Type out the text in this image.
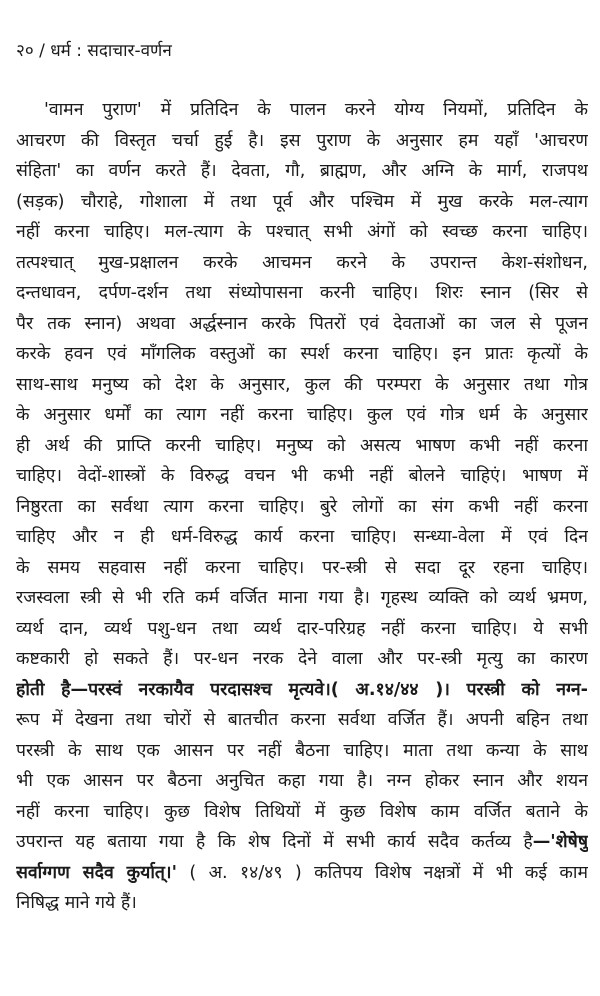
२० / धर्म : सदाचार-वर्णन
'वामन पुराण' में प्रतिदिन के पालन करने योग्य नियमों, प्रतिदिन के
आचरण की विस्तृत चर्चा हुई है। इस पुराण के अनुसार हम यहाँ 'आचरण
संहिता' का वर्णन करते हैं। देवता, गौ, ब्राह्मण, और अग्नि के मार्ग, राजपथ
(सड़क) चौराहे, गोशाला में तथा पूर्व और पश्चिम में मुख करके मल-त्याग
नहीं करना चाहिए। मल-त्याग के पश्चात् सभी अंगों को स्वच्छ करना चाहिए।
तत्पश्चात् मुख-प्रक्षालन करके आचमन करने के उपरान्त केश-संशोधन,
दन्तधावन, दर्पण-दर्शन तथा संध्योपासना करनी चाहिए। शिरः स्नान (सिर से
पैर तक स्नान) अथवा अर्द्धस्नान करके पितरों एवं देवताओं का जल से पूजन
करके हवन एवं माँगलिक वस्तुओं का स्पर्श करना चाहिए। इन प्रातः कृत्यों के
साथ-साथ मनुष्य को देश के अनुसार, कुल की परम्परा के अनुसार तथा गोत्र
के अनुसार धर्मों का त्याग नहीं करना चाहिए। कुल एवं गोत्र धर्म के अनुसार
ही अर्थ की प्राप्ति करनी चाहिए। मनुष्य को असत्य भाषण कभी नहीं करना
चाहिए। वेदों-शास्त्रों के विरुद्ध वचन भी कभी नहीं बोलने चाहिएं। भाषण में
निष्ठुरता का सर्वथा त्याग करना चाहिए। बुरे लोगों का संग कभी नहीं करना
चाहिए और न ही धर्म-विरुद्ध कार्य करना चाहिए। सन्ध्या-वेला में एवं दिन
के समय सहवास नहीं करना चाहिए। पर-स्त्री से सदा दूर रहना चाहिए।
रजस्वला स्त्री से भी रति कर्म वर्जित माना गया है। गृहस्थ व्यक्ति को व्यर्थ भ्रमण,
व्यर्थ दान, व्यर्थ पशु-धन तथा व्यर्थ दार-परिग्रह नहीं करना चाहिए। ये सभी
कष्टकारी हो सकते हैं। पर-धन नरक देने वाला और पर-स्त्री मृत्यु का कारण
होती है—परस्वं नरकायैव परदासश्च मृत्यवे।( अ.१४/४४ )। परस्त्री को नग्न-
रूप में देखना तथा चोरों से बातचीत करना सर्वथा वर्जित हैं। अपनी बहिन तथा
परस्त्री के साथ एक आसन पर नहीं बैठना चाहिए। माता तथा कन्या के साथ
भी एक आसन पर बैठना अनुचित कहा गया है। नग्न होकर स्नान और शयन
नहीं करना चाहिए। कुछ विशेष तिथियों में कुछ विशेष काम वर्जित बताने के
उपरान्त यह बताया गया है कि शेष दिनों में सभी कार्य सदैव कर्तव्य है—'शेषेषु
सर्वाग्गण सदैव कुर्यात्।' ( अ. १४/४९ ) कतिपय विशेष नक्षत्रों में भी कई काम
निषिद्ध माने गये हैं।
